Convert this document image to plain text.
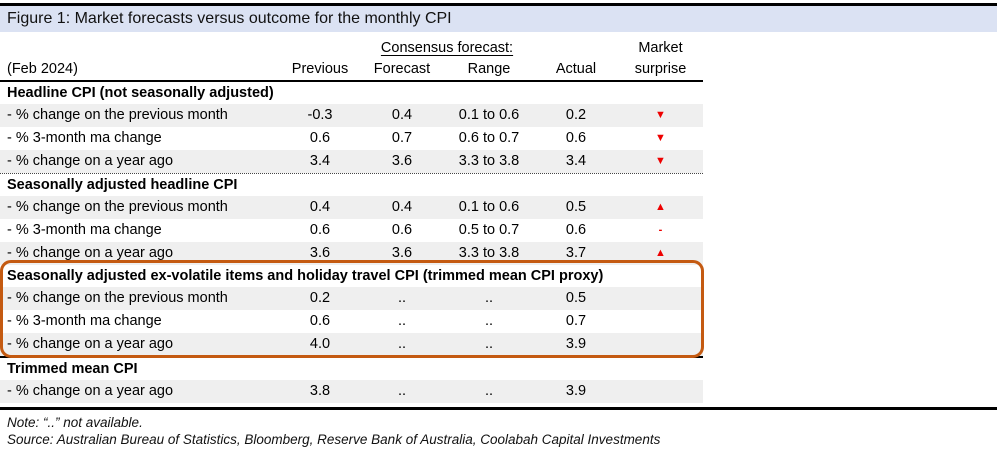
Figure 1: Market forecasts versus outcome for the monthly CPI
Consensus forecast:	Market
(Feb 2024)	Previous	Forecast	Range	Actual	surprise
Headline CPI (not seasonally adjusted)
- % change on the previous month	-0.3	0.4	0.1 to 0.6	0.2	▼
- % 3-month ma change	0.6	0.7	0.6 to 0.7	0.6	▼
- % change on a year ago	3.4	3.6	3.3 to 3.8	3.4	▼
Seasonally adjusted headline CPI
- % change on the previous month	0.4	0.4	0.1 to 0.6	0.5	▲
- % 3-month ma change	0.6	0.6	0.5 to 0.7	0.6	-
- % change on a year ago	3.6	3.6	3.3 to 3.8	3.7	▲
Seasonally adjusted ex-volatile items and holiday travel CPI (trimmed mean CPI proxy)
- % change on the previous month	0.2	..	..	0.5
- % 3-month ma change	0.6	..	..	0.7
- % change on a year ago	4.0	..	..	3.9
Trimmed mean CPI
- % change on a year ago	3.8	..	..	3.9
Note: “..” not available.
Source: Australian Bureau of Statistics, Bloomberg, Reserve Bank of Australia, Coolabah Capital Investments
